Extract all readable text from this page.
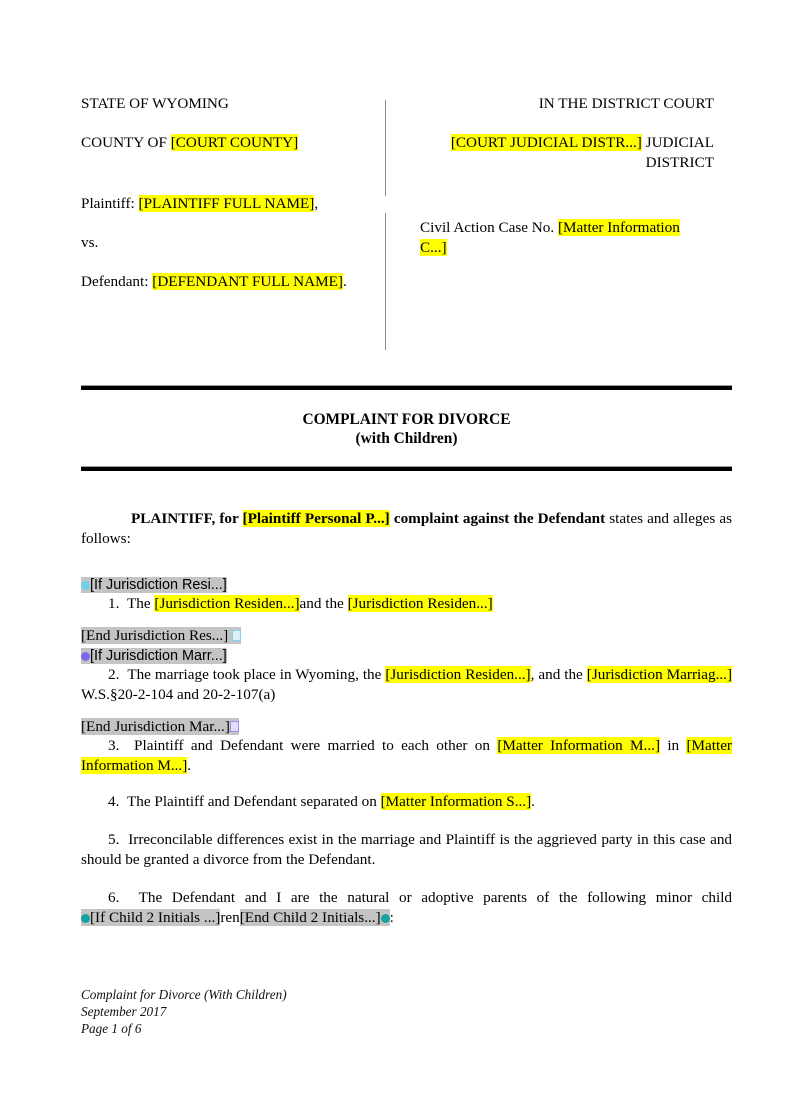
STATE OF WYOMING

COUNTY OF [COURT COUNTY]

Plaintiff: [PLAINTIFF FULL NAME],

vs.

Defendant: [DEFENDANT FULL NAME].

IN THE DISTRICT COURT

[COURT JUDICIAL DISTR...] JUDICIAL
DISTRICT

Civil Action Case No. [Matter Information
C...]

COMPLAINT FOR DIVORCE
(with Children)

PLAINTIFF, for [Plaintiff Personal P...] complaint against the Defendant states and alleges as follows:

[If Jurisdiction Resi...]

1. The [Jurisdiction Residen...]and the [Jurisdiction Residen...]

[End Jurisdiction Res...]

[If Jurisdiction Marr...]

2. The marriage took place in Wyoming, the [Jurisdiction Residen...], and the [Jurisdiction Marriag...] W.S.§20-2-104 and 20-2-107(a)

[End Jurisdiction Mar...]

3. Plaintiff and Defendant were married to each other on [Matter Information M...] in [Matter Information M...].

4. The Plaintiff and Defendant separated on [Matter Information S...].

5. Irreconcilable differences exist in the marriage and Plaintiff is the aggrieved party in this case and should be granted a divorce from the Defendant.

6. The Defendant and I are the natural or adoptive parents of the following minor child[If Child 2 Initials ...]ren[End Child 2 Initials...] :

Complaint for Divorce (With Children)
September 2017
Page 1 of 6
